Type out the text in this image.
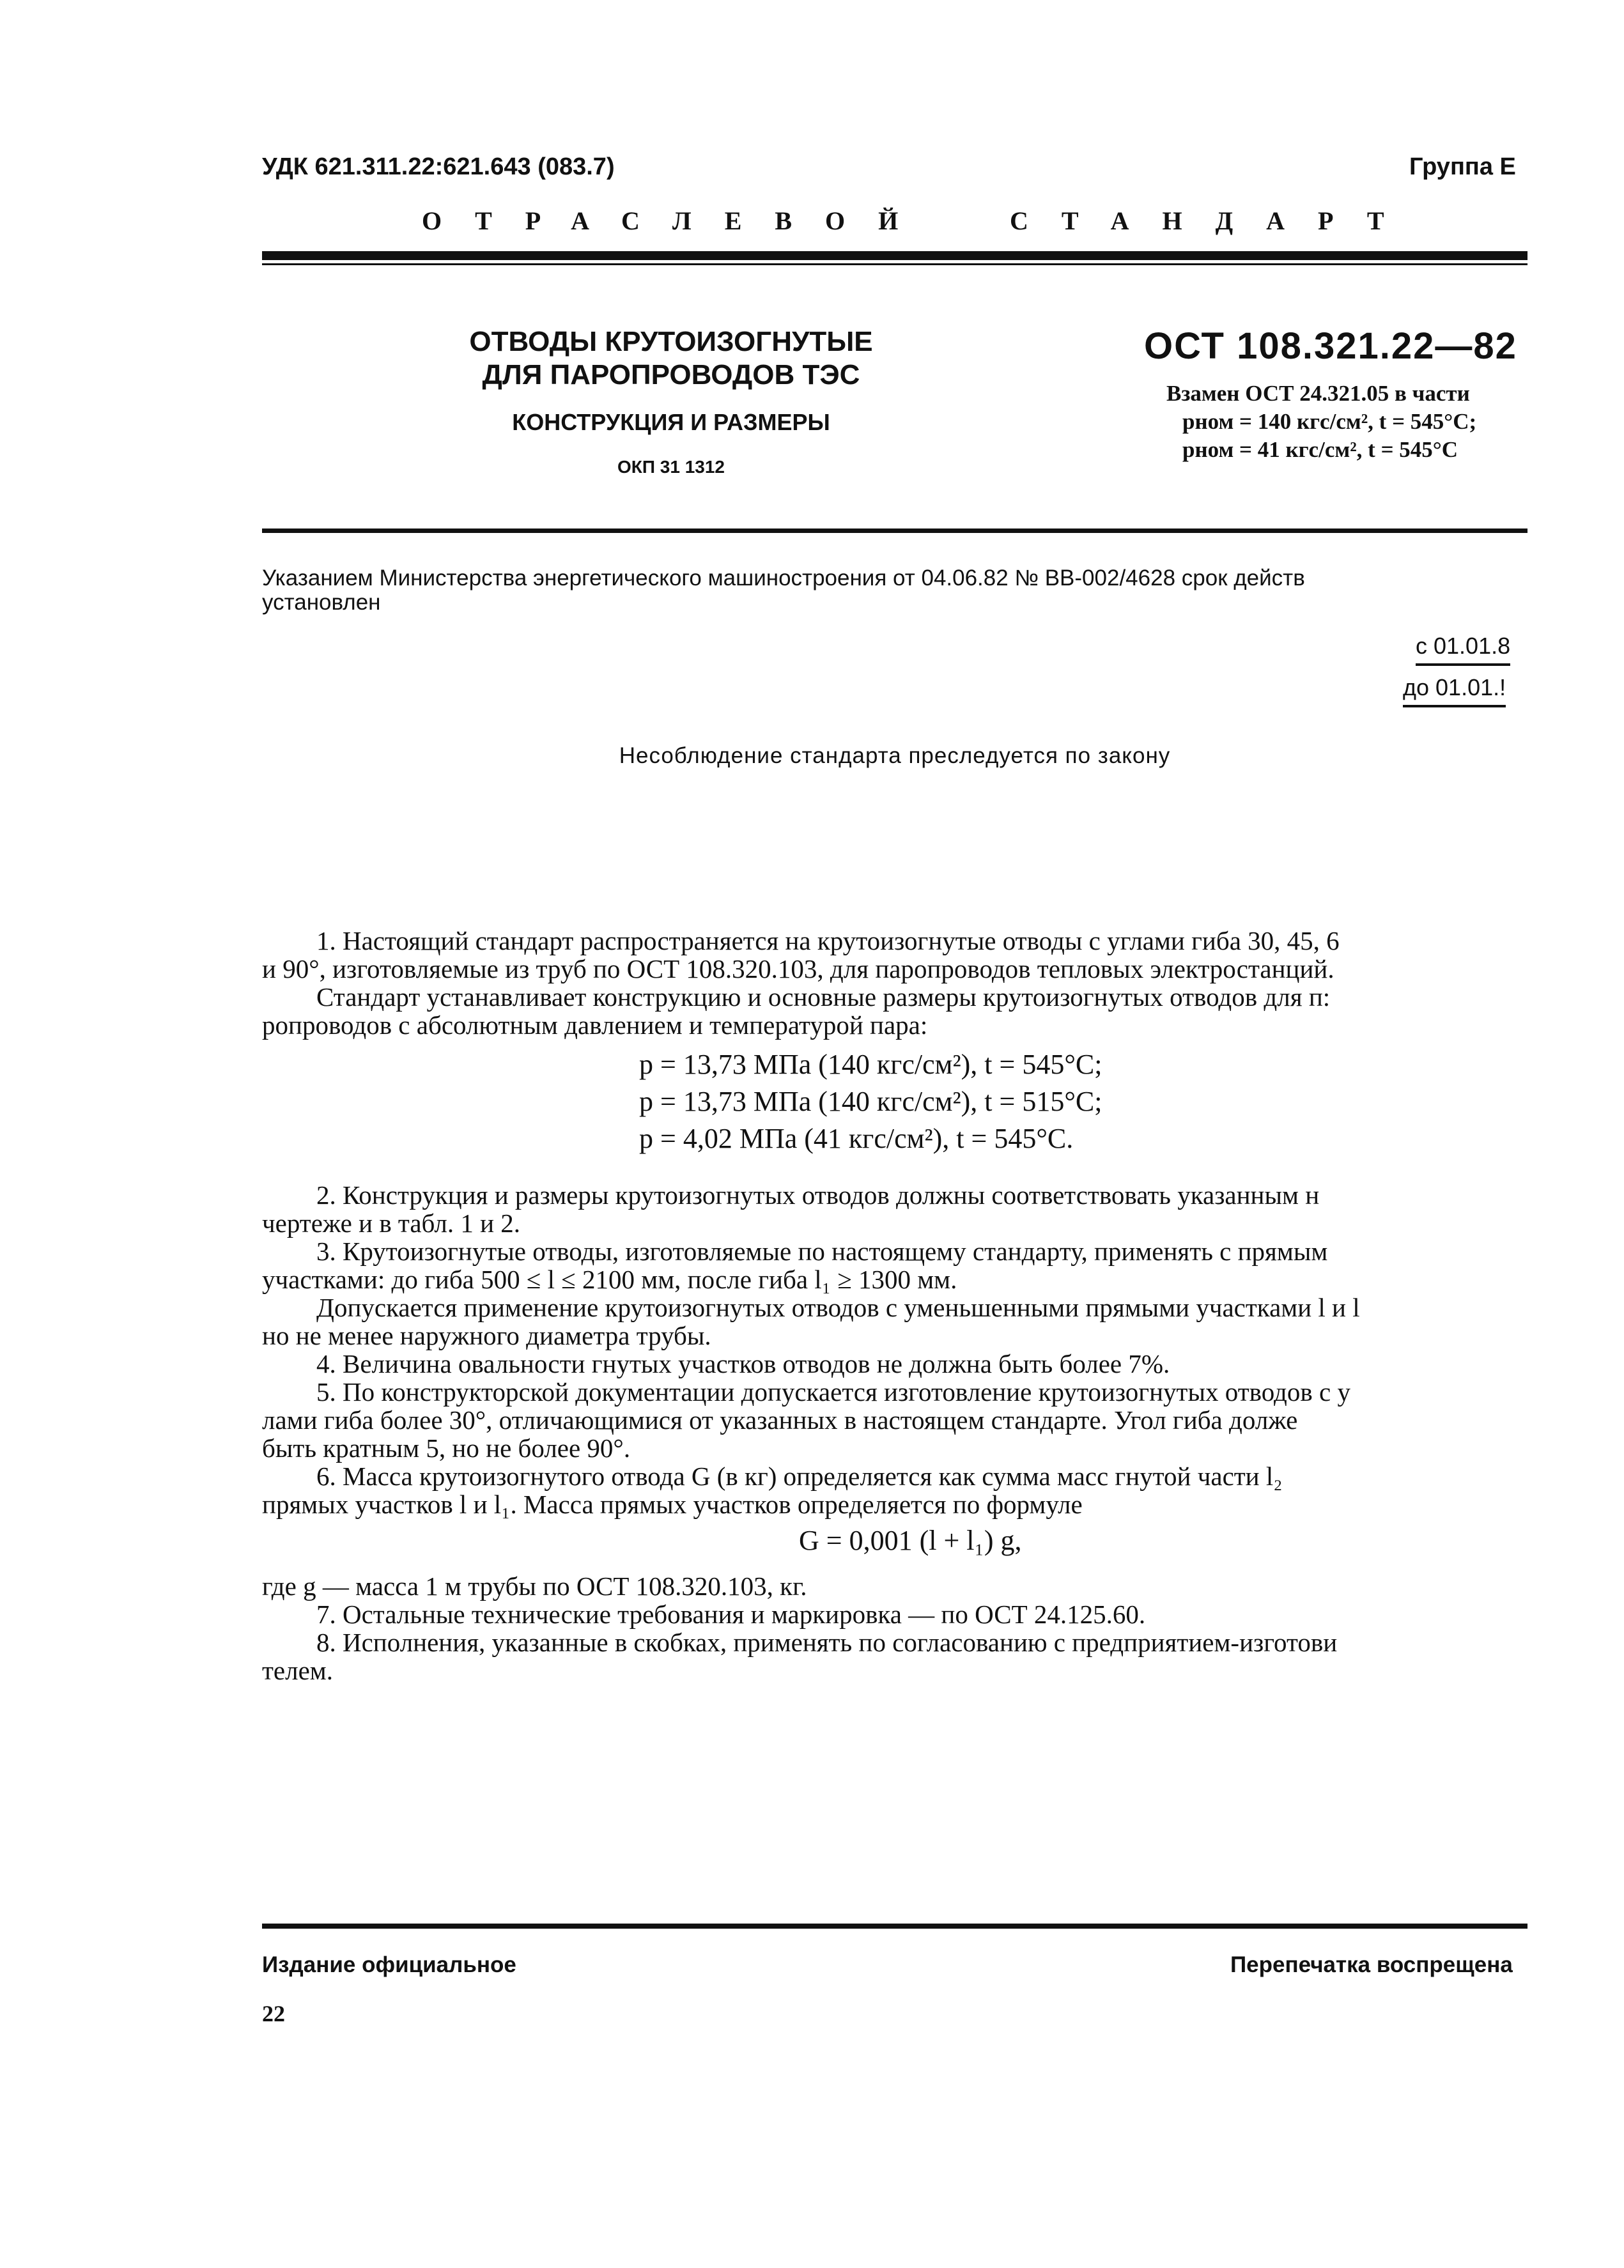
УДК 621.311.22:621.643 (083.7)	Группа Е
ОТРАСЛЕВОЙ	СТАНДАРТ
ОТВОДЫ КРУТОИЗОГНУТЫЕ
ДЛЯ ПАРОПРОВОДОВ ТЭС
КОНСТРУКЦИЯ И РАЗМЕРЫ
ОКП 31 1312
ОСТ 108.321.22—82
Взамен ОСТ 24.321.05 в части
pном = 140 кгс/см², t = 545°С;
pном = 41 кгс/см², t = 545°С
Указанием Министерства энергетического машиностроения от 04.06.82 № ВВ-002/4628 срок действ
установлен
с 01.01.8
до 01.01.!
Несоблюдение стандарта преследуется по закону
1. Настоящий стандарт распространяется на крутоизогнутые отводы с углами гиба 30, 45, 6
и 90°, изготовляемые из труб по ОСТ 108.320.103, для паропроводов тепловых электростанций.
Стандарт устанавливает конструкцию и основные размеры крутоизогнутых отводов для п:
ропроводов с абсолютным давлением и температурой пара:
p = 13,73 МПа (140 кгс/см²), t = 545°С;
p = 13,73 МПа (140 кгс/см²), t = 515°С;
p = 4,02 МПа (41 кгс/см²), t = 545°С.
2. Конструкция и размеры крутоизогнутых отводов должны соответствовать указанным н
чертеже и в табл. 1 и 2.
3. Крутоизогнутые отводы, изготовляемые по настоящему стандарту, применять с прямым
участками: до гиба 500 ≤ l ≤ 2100 мм, после гиба l₁ ≥ 1300 мм.
Допускается применение крутоизогнутых отводов с уменьшенными прямыми участками l и l
но не менее наружного диаметра трубы.
4. Величина овальности гнутых участков отводов не должна быть более 7%.
5. По конструкторской документации допускается изготовление крутоизогнутых отводов с у
лами гиба более 30°, отличающимися от указанных в настоящем стандарте. Угол гиба долже
быть кратным 5, но не более 90°.
6. Масса крутоизогнутого отвода G (в кг) определяется как сумма масс гнутой части l₂
прямых участков l и l₁. Масса прямых участков определяется по формуле
G = 0,001 (l + l₁) g,
где g — масса 1 м трубы по ОСТ 108.320.103, кг.
7. Остальные технические требования и маркировка — по ОСТ 24.125.60.
8. Исполнения, указанные в скобках, применять по согласованию с предприятием-изготови
телем.
Издание официальное	Перепечатка воспрещена
22
